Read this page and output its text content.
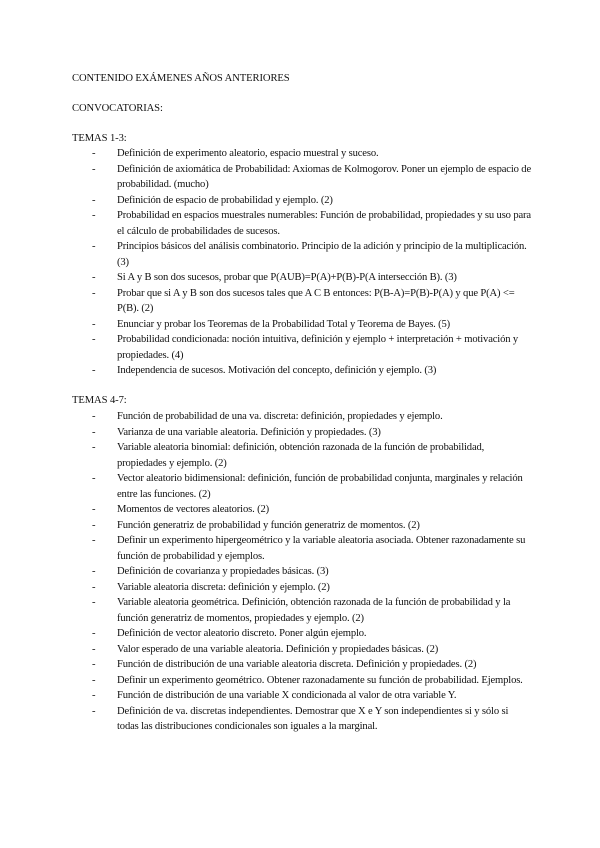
CONTENIDO EXÁMENES AÑOS ANTERIORES
CONVOCATORIAS:
TEMAS 1-3:
- Definición de experimento aleatorio, espacio muestral y suceso.
- Definición de axiomática de Probabilidad: Axiomas de Kolmogorov. Poner un ejemplo de espacio de probabilidad. (mucho)
- Definición de espacio de probabilidad y ejemplo. (2)
- Probabilidad en espacios muestrales numerables: Función de probabilidad, propiedades y su uso para el cálculo de probabilidades de sucesos.
- Principios básicos del análisis combinatorio. Principio de la adición y principio de la multiplicación. (3)
- Si A y B son dos sucesos, probar que P(AUB)=P(A)+P(B)-P(A intersección B). (3)
- Probar que si A y B son dos sucesos tales que A C B entonces: P(B-A)=P(B)-P(A) y que P(A) <= P(B). (2)
- Enunciar y probar los Teoremas de la Probabilidad Total y Teorema de Bayes. (5)
- Probabilidad condicionada: noción intuitiva, definición y ejemplo + interpretación + motivación y propiedades. (4)
- Independencia de sucesos. Motivación del concepto, definición y ejemplo. (3)
TEMAS 4-7:
- Función de probabilidad de una va. discreta: definición, propiedades y ejemplo.
- Varianza de una variable aleatoria. Definición y propiedades. (3)
- Variable aleatoria binomial: definición, obtención razonada de la función de probabilidad, propiedades y ejemplo. (2)
- Vector aleatorio bidimensional: definición, función de probabilidad conjunta, marginales y relación entre las funciones. (2)
- Momentos de vectores aleatorios. (2)
- Función generatriz de probabilidad y función generatriz de momentos. (2)
- Definir un experimento hipergeométrico y la variable aleatoria asociada. Obtener razonadamente su función de probabilidad y ejemplos.
- Definición de covarianza y propiedades básicas. (3)
- Variable aleatoria discreta: definición y ejemplo. (2)
- Variable aleatoria geométrica. Definición, obtención razonada de la función de probabilidad y la función generatriz de momentos, propiedades y ejemplo. (2)
- Definición de vector aleatorio discreto. Poner algún ejemplo.
- Valor esperado de una variable aleatoria. Definición y propiedades básicas. (2)
- Función de distribución de una variable aleatoria discreta. Definición y propiedades. (2)
- Definir un experimento geométrico. Obtener razonadamente su función de probabilidad. Ejemplos.
- Función de distribución de una variable X condicionada al valor de otra variable Y.
- Definición de va. discretas independientes. Demostrar que X e Y son independientes si y sólo si todas las distribuciones condicionales son iguales a la marginal.
